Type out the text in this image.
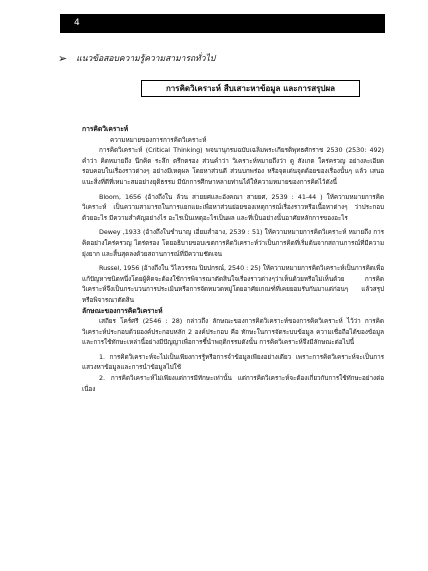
4
➢ แนวข้อสอบความรู้ความสามารถทั่วไป
การคิดวิเคราะห์ สืบเสาะหาข้อมูล และการสรุปผล

การคิดวิเคราะห์

ความหมายของการการคิดวิเคราะห์

การคิดวิเคราะห์ (Critical Thinking) พจนานุกรมฉบับเฉลิมพระเกียรติพุทธศักราช 2530 (2530: 492) คำว่า คิดหมายถึง นึกคิด ระลึก ตรึกตรอง ส่วนคำว่า วิเคราะห์หมายถึงว่า ดู สังเกต ใคร่ครวญ อย่างละเอียดรอบคอบในเรื่องราวต่างๆ อย่างมีเหตุผล โดยหาส่วนดี ส่วนบกพร่อง หรือจุดเด่นจุดด้อยของเรื่องนั้นๆ แล้ว เสนอแนะสิ่งที่ดีที่เหมาะสมอย่างยุติธรรม มีนักการศึกษาหลายท่านได้ให้ความหมายของการคิดไว้ดังนี้

Bloom, 1656 (อ้างถึงใน ล้วน สายยศและอังคณา สายยศ, 2539 : 41-44 ) ให้ความหมายการคิดวิเคราะห์ เป็นความสามารถในการแยกแยะเพื่อหาส่วนย่อยของเหตุการณ์เรื่องราวหรือเนื้อหาต่างๆ ว่าประกอบด้วยอะไร มีความสำคัญอย่างไร อะไรเป็นเหตุอะไรเป็นผล และที่เป็นอย่างนั้นอาศัยหลักการของอะไร

Dewey ,1933 (อ้างถึงในชำนาญ เอี่ยมสำอาง, 2539 : 51) ให้ความหมายการคิดวิเคราะห์ หมายถึง การคิดอย่างใคร่ครวญ ไตร่ตรอง โดยอธิบายขอบเขตการคิดวิเคราะห์ว่าเป็นการคิดที่เริ่มต้นจากสถานการณ์ที่มีความยุ่งยาก และสิ้นสุดลงด้วยสถานการณ์ที่มีความชัดเจน

Russel, 1956 (อ้างถึงใน วิไลวรรณ ปิยปกรณ์, 2540 : 25) ให้ความหมายการคิดวิเคราะห์เป็นการคิดเพื่อแก้ปัญหาชนิดหนึ่งโดยผู้คิดจะต้องใช้การพิจารณาตัดสินใจเรื่องราวต่างๆว่าเห็นด้วยหรือไม่เห็นด้วย การคิดวิเคราะห์จึงเป็นกระบวนการประเมินหรือการจัดหมวดหมู่โดยอาศัยเกณฑ์ที่เคยยอมรับกันมาแต่ก่อนๆ แล้วสรุปหรือพิจารณาตัดสิน

ลักษณะของการคิดวิเคราะห์

เสถียร โคร์ศรี (2546 : 28) กล่าวถึง ลักษณะของการคิดวิเคราะห์ของการคิดวิเคราะห์ ไว้ว่า การคิดวิเคราะห์ประกอบด้วยองค์ประกอบหลัก 2 องค์ประกอบ คือ ทักษะในการจัดระบบข้อมูล ความเชื่อถือได้ของข้อมูล และการใช้ทักษะเหล่านี้อย่างมีปัญญาเพื่อการชี้นำพฤติกรรมดังนั้น การคิดวิเคราะห์จึงมีลักษณะต่อไปนี้

1. การคิดวิเคราะห์จะไม่เป็นเพียงการรู้หรือการจำข้อมูลเพียงอย่างเดียว เพราะการคิดวิเคราะห์จะเป็นการแสวงหาข้อมูลและการนำข้อมูลไปใช้

2. การคิดวิเคราะห์ไม่เพียงแต่การมีทักษะเท่านั้น แต่การคิดวิเคราะห์จะต้องเกี่ยวกับการใช้ทักษะอย่างต่อเนื่อง
